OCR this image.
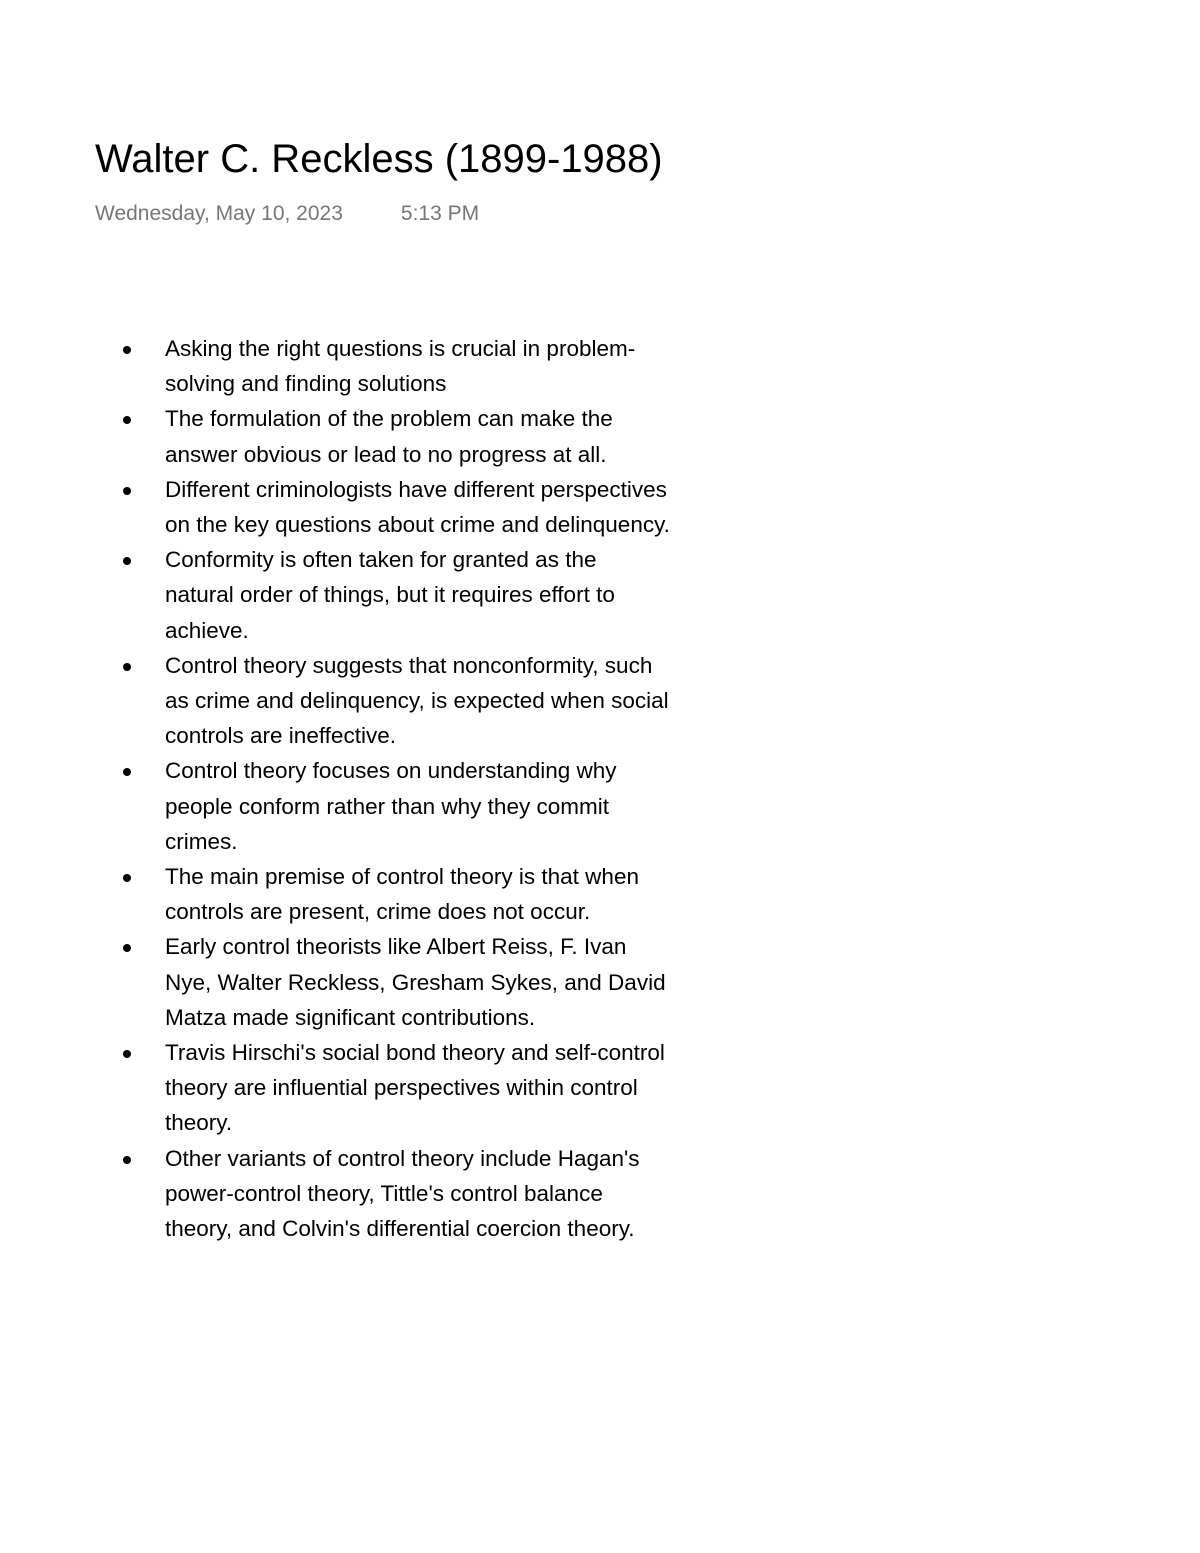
Walter C. Reckless (1899-1988)
Wednesday, May 10, 2023	5:13 PM
Asking the right questions is crucial in problem-solving and finding solutions
The formulation of the problem can make the answer obvious or lead to no progress at all.
Different criminologists have different perspectives on the key questions about crime and delinquency.
Conformity is often taken for granted as the natural order of things, but it requires effort to achieve.
Control theory suggests that nonconformity, such as crime and delinquency, is expected when social controls are ineffective.
Control theory focuses on understanding why people conform rather than why they commit crimes.
The main premise of control theory is that when controls are present, crime does not occur.
Early control theorists like Albert Reiss, F. Ivan Nye, Walter Reckless, Gresham Sykes, and David Matza made significant contributions.
Travis Hirschi's social bond theory and self-control theory are influential perspectives within control theory.
Other variants of control theory include Hagan's power-control theory, Tittle's control balance theory, and Colvin's differential coercion theory.
